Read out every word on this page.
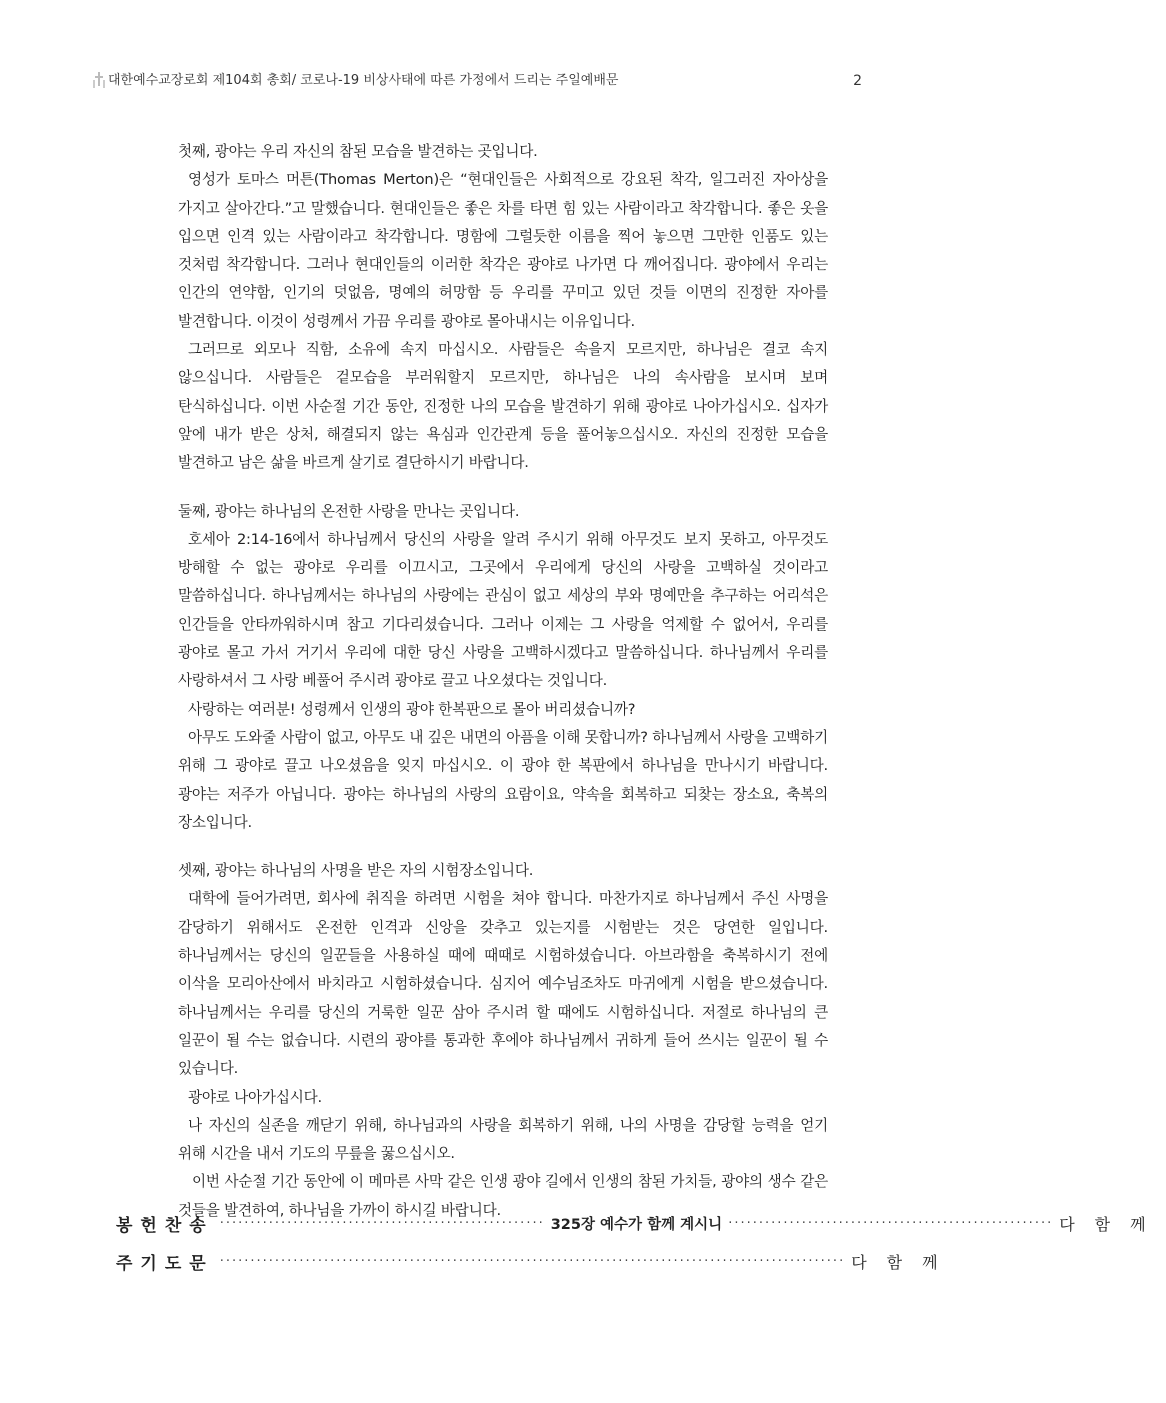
대한예수교장로회 제104회 총회/ 코로나-19 비상사태에 따른 가정에서 드리는 주일예배문	2

첫째, 광야는 우리 자신의 참된 모습을 발견하는 곳입니다.

영성가 토마스 머튼(Thomas Merton)은 “현대인들은 사회적으로 강요된 착각, 일그러진 자아상을 가지고 살아간다.”고 말했습니다. 현대인들은 좋은 차를 타면 힘 있는 사람이라고 착각합니다. 좋은 옷을 입으면 인격 있는 사람이라고 착각합니다. 명함에 그럴듯한 이름을 찍어 놓으면 그만한 인품도 있는 것처럼 착각합니다. 그러나 현대인들의 이러한 착각은 광야로 나가면 다 깨어집니다. 광야에서 우리는 인간의 연약함, 인기의 덧없음, 명예의 허망함 등 우리를 꾸미고 있던 것들 이면의 진정한 자아를 발견합니다. 이것이 성령께서 가끔 우리를 광야로 몰아내시는 이유입니다.

그러므로 외모나 직함, 소유에 속지 마십시오. 사람들은 속을지 모르지만, 하나님은 결코 속지 않으십니다. 사람들은 겉모습을 부러워할지 모르지만, 하나님은 나의 속사람을 보시며 보며 탄식하십니다. 이번 사순절 기간 동안, 진정한 나의 모습을 발견하기 위해 광야로 나아가십시오. 십자가 앞에 내가 받은 상처, 해결되지 않는 욕심과 인간관계 등을 풀어놓으십시오. 자신의 진정한 모습을 발견하고 남은 삶을 바르게 살기로 결단하시기 바랍니다.

둘째, 광야는 하나님의 온전한 사랑을 만나는 곳입니다.

호세아 2:14-16에서 하나님께서 당신의 사랑을 알려 주시기 위해 아무것도 보지 못하고, 아무것도 방해할 수 없는 광야로 우리를 이끄시고, 그곳에서 우리에게 당신의 사랑을 고백하실 것이라고 말씀하십니다. 하나님께서는 하나님의 사랑에는 관심이 없고 세상의 부와 명예만을 추구하는 어리석은 인간들을 안타까워하시며 참고 기다리셨습니다. 그러나 이제는 그 사랑을 억제할 수 없어서, 우리를 광야로 몰고 가서 거기서 우리에 대한 당신 사랑을 고백하시겠다고 말씀하십니다. 하나님께서 우리를 사랑하셔서 그 사랑 베풀어 주시려 광야로 끌고 나오셨다는 것입니다.

사랑하는 여러분! 성령께서 인생의 광야 한복판으로 몰아 버리셨습니까?

아무도 도와줄 사람이 없고, 아무도 내 깊은 내면의 아픔을 이해 못합니까? 하나님께서 사랑을 고백하기 위해 그 광야로 끌고 나오셨음을 잊지 마십시오. 이 광야 한 복판에서 하나님을 만나시기 바랍니다. 광야는 저주가 아닙니다. 광야는 하나님의 사랑의 요람이요, 약속을 회복하고 되찾는 장소요, 축복의 장소입니다.

셋째, 광야는 하나님의 사명을 받은 자의 시험장소입니다.

대학에 들어가려면, 회사에 취직을 하려면 시험을 쳐야 합니다. 마찬가지로 하나님께서 주신 사명을 감당하기 위해서도 온전한 인격과 신앙을 갖추고 있는지를 시험받는 것은 당연한 일입니다. 하나님께서는 당신의 일꾼들을 사용하실 때에 때때로 시험하셨습니다. 아브라함을 축복하시기 전에 이삭을 모리아산에서 바치라고 시험하셨습니다. 심지어 예수님조차도 마귀에게 시험을 받으셨습니다. 하나님께서는 우리를 당신의 거룩한 일꾼 삼아 주시려 할 때에도 시험하십니다. 저절로 하나님의 큰 일꾼이 될 수는 없습니다. 시련의 광야를 통과한 후에야 하나님께서 귀하게 들어 쓰시는 일꾼이 될 수 있습니다.

광야로 나아가십시다.

나 자신의 실존을 깨닫기 위해, 하나님과의 사랑을 회복하기 위해, 나의 사명을 감당할 능력을 얻기 위해 시간을 내서 기도의 무릎을 꿇으십시오.

이번 사순절 기간 동안에 이 메마른 사막 같은 인생 광야 길에서 인생의 참된 가치들, 광야의 생수 같은 것들을 발견하여, 하나님을 가까이 하시길 바랍니다.

봉헌찬송 ····················································· 325장 예수가 함께 계시니 ····················································· 다함께
주기도문 ······································································································ 다함께
